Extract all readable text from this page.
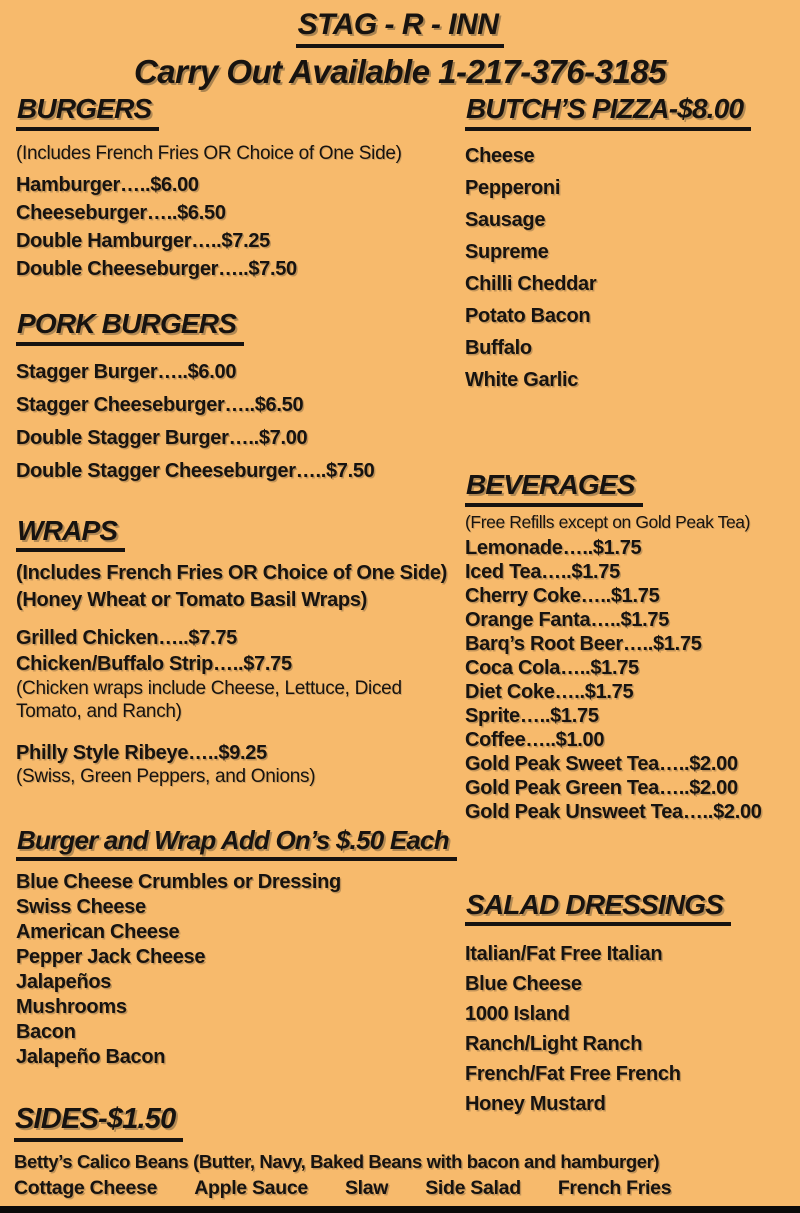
STAG - R - INN
Carry Out Available 1-217-376-3185
BURGERS
(Includes French Fries OR Choice of One Side)
Hamburger…..$6.00
Cheeseburger…..$6.50
Double Hamburger…..$7.25
Double Cheeseburger…..$7.50
PORK BURGERS
Stagger Burger…..$6.00
Stagger Cheeseburger…..$6.50
Double Stagger Burger…..$7.00
Double Stagger Cheeseburger…..$7.50
WRAPS
(Includes French Fries OR Choice of One Side)
(Honey Wheat or Tomato Basil Wraps)
Grilled Chicken…..$7.75
Chicken/Buffalo Strip…..$7.75
(Chicken wraps include Cheese, Lettuce, Diced Tomato, and Ranch)
Philly Style Ribeye…..$9.25
(Swiss, Green Peppers, and Onions)
Burger and Wrap Add On’s $.50 Each
Blue Cheese Crumbles or Dressing
Swiss Cheese
American Cheese
Pepper Jack Cheese
Jalapeños
Mushrooms
Bacon
Jalapeño Bacon
BUTCH’S PIZZA-$8.00
Cheese
Pepperoni
Sausage
Supreme
Chilli Cheddar
Potato Bacon
Buffalo
White Garlic
BEVERAGES
(Free Refills except on Gold Peak Tea)
Lemonade…..$1.75
Iced Tea…..$1.75
Cherry Coke…..$1.75
Orange Fanta…..$1.75
Barq’s Root Beer…..$1.75
Coca Cola…..$1.75
Diet Coke…..$1.75
Sprite…..$1.75
Coffee…..$1.00
Gold Peak Sweet Tea…..$2.00
Gold Peak Green Tea…..$2.00
Gold Peak Unsweet Tea…..$2.00
SALAD DRESSINGS
Italian/Fat Free Italian
Blue Cheese
1000 Island
Ranch/Light Ranch
French/Fat Free French
Honey Mustard
SIDES-$1.50
Betty’s Calico Beans (Butter, Navy, Baked Beans with bacon and hamburger)
Cottage Cheese Apple Sauce Slaw Side Salad French Fries
